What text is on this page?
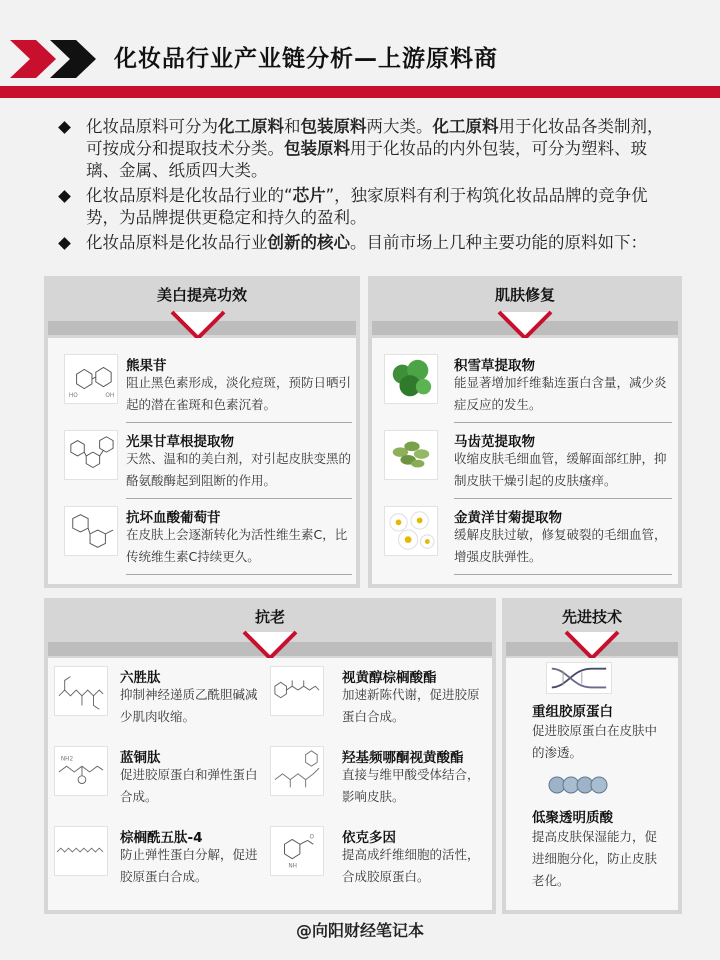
化妆品行业产业链分析—上游原料商
化妆品原料可分为化工原料和包装原料两大类。化工原料用于化妆品各类制剂，可按成分和提取技术分类。包装原料用于化妆品的内外包装，可分为塑料、玻璃、金属、纸质四大类。
化妆品原料是化妆品行业的“芯片”，独家原料有利于构筑化妆品品牌的竞争优势，为品牌提供更稳定和持久的盈利。
化妆品原料是化妆品行业创新的核心。目前市场上几种主要功能的原料如下：
美白提亮功效
HO	OH
熊果苷
阻止黑色素形成，淡化痘斑，预防日晒引起的潜在雀斑和色素沉着。
光果甘草根提取物
天然、温和的美白剂，对引起皮肤变黑的酪氨酸酶起到阻断的作用。
抗坏血酸葡萄苷
在皮肤上会逐渐转化为活性维生素C，比传统维生素C持续更久。
肌肤修复
积雪草提取物
能显著增加纤维黏连蛋白含量，减少炎症反应的发生。
马齿苋提取物
收缩皮肤毛细血管，缓解面部红肿，抑制皮肤干燥引起的皮肤瘙痒。
金黄洋甘菊提取物
缓解皮肤过敏，修复破裂的毛细血管，增强皮肤弹性。
抗老
六胜肽
抑制神经递质乙酰胆碱减少肌肉收缩。
NH2	蓝铜肽
促进胶原蛋白和弹性蛋白合成。
棕榈酰五肽-4
防止弹性蛋白分解，促进胶原蛋白合成。
视黄醇棕榈酸酯
加速新陈代谢，促进胶原蛋白合成。
羟基频哪酮视黄酸酯
直接与维甲酸受体结合，影响皮肤。
O
NH
依克多因
提高成纤维细胞的活性，合成胶原蛋白。
先进技术
重组胶原蛋白
促进胶原蛋白在皮肤中的渗透。
低聚透明质酸
提高皮肤保湿能力，促进细胞分化，防止皮肤老化。
@向阳财经笔记本
